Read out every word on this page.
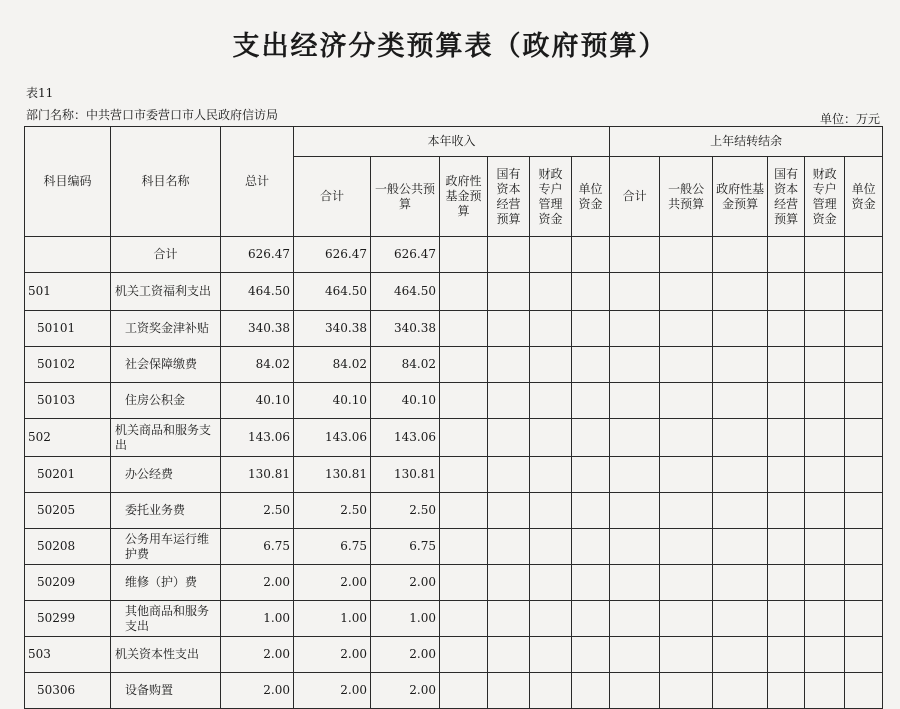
支出经济分类预算表（政府预算）
表11
部门名称：中共营口市委营口市人民政府信访局	单位：万元
科目编码	科目名称	总计	本年收入						上年结转结余					
			合计	一般公共预算	政府性基金预算	国有资本经营预算	财政专户管理资金	单位资金	合计	一般公共预算	政府性基金预算	国有资本经营预算	财政专户管理资金	单位资金
	合计	626.47	626.47	626.47										
501	机关工资福利支出	464.50	464.50	464.50										
50101	工资奖金津补贴	340.38	340.38	340.38										
50102	社会保障缴费	84.02	84.02	84.02										
50103	住房公积金	40.10	40.10	40.10										
502	机关商品和服务支出	143.06	143.06	143.06										
50201	办公经费	130.81	130.81	130.81										
50205	委托业务费	2.50	2.50	2.50										
50208	公务用车运行维护费	6.75	6.75	6.75										
50209	维修（护）费	2.00	2.00	2.00										
50299	其他商品和服务支出	1.00	1.00	1.00										
503	机关资本性支出	2.00	2.00	2.00										
50306	设备购置	2.00	2.00	2.00										
